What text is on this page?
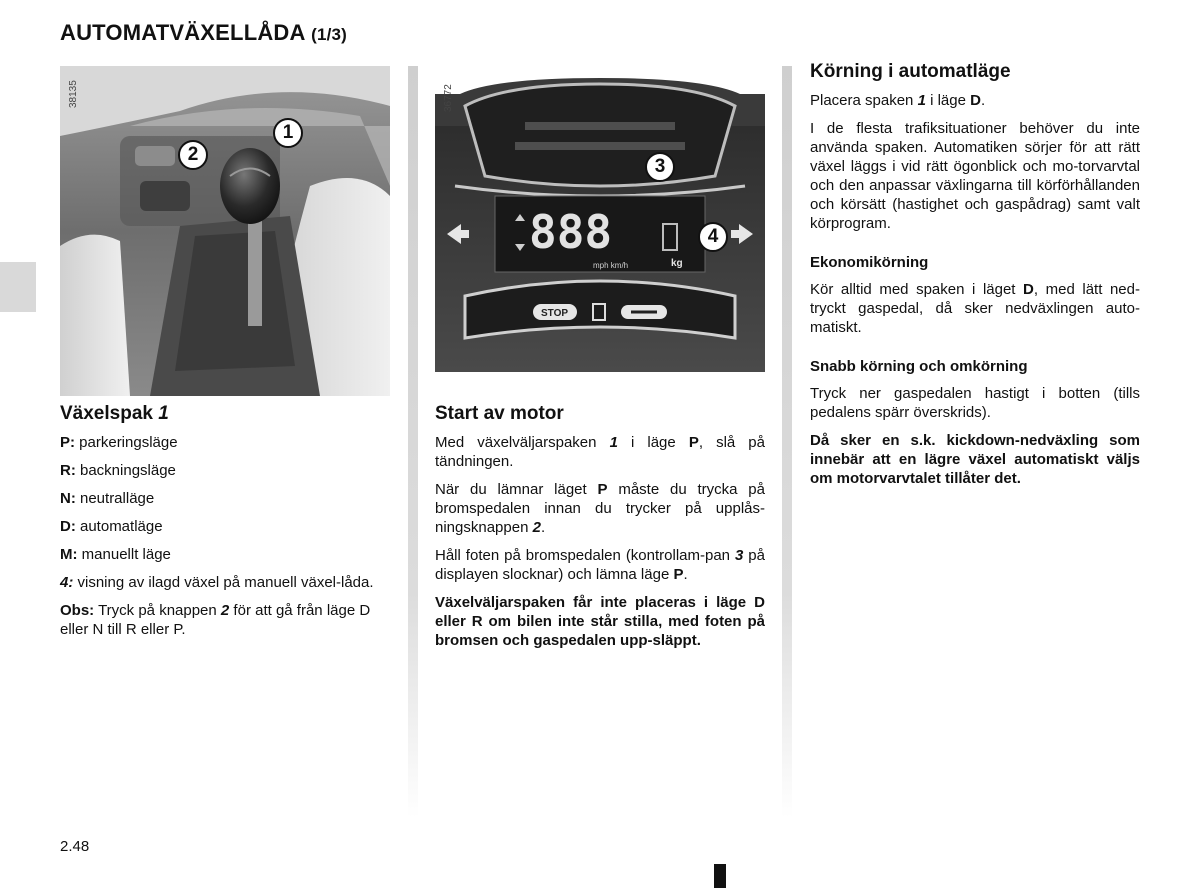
AUTOMATVÄXELLÅDA (1/3)
1
2
38135
888
mph km/h	kg
STOP
3
4
36772
Växelspak 1
P: parkeringsläge
R: backningsläge
N: neutralläge
D: automatläge
M: manuellt läge
4: visning av ilagd växel på manuell växel-låda.

Obs: Tryck på knappen 2 för att gå från läge D eller N till R eller P.

Start av motor

Med växelväljarspaken 1 i läge P, slå på tändningen.

När du lämnar läget P måste du trycka på bromspedalen innan du trycker på upplås-ningsknappen 2.

Håll foten på bromspedalen (kontrollam-pan 3 på displayen slocknar) och lämna läge P.

Växelväljarspaken får inte placeras i läge D eller R om bilen inte står stilla, med foten på bromsen och gaspedalen upp-släppt.

Körning i automatläge

Placera spaken 1 i läge D.

I de flesta trafiksituationer behöver du inte använda spaken. Automatiken sörjer för att rätt växel läggs i vid rätt ögonblick och mo-torvarvtal och den anpassar växlingarna till körförhållanden och körsätt (hastighet och gaspådrag) samt valt körprogram.

Ekonomikörning

Kör alltid med spaken i läget D, med lätt ned-tryckt gaspedal, då sker nedväxlingen auto-matiskt.

Snabb körning och omkörning

Tryck ner gaspedalen hastigt i botten (tills pedalens spärr överskrids).

Då sker en s.k. kickdown-nedväxling som innebär att en lägre växel automatiskt väljs om motorvarvtalet tillåter det.

2.48
